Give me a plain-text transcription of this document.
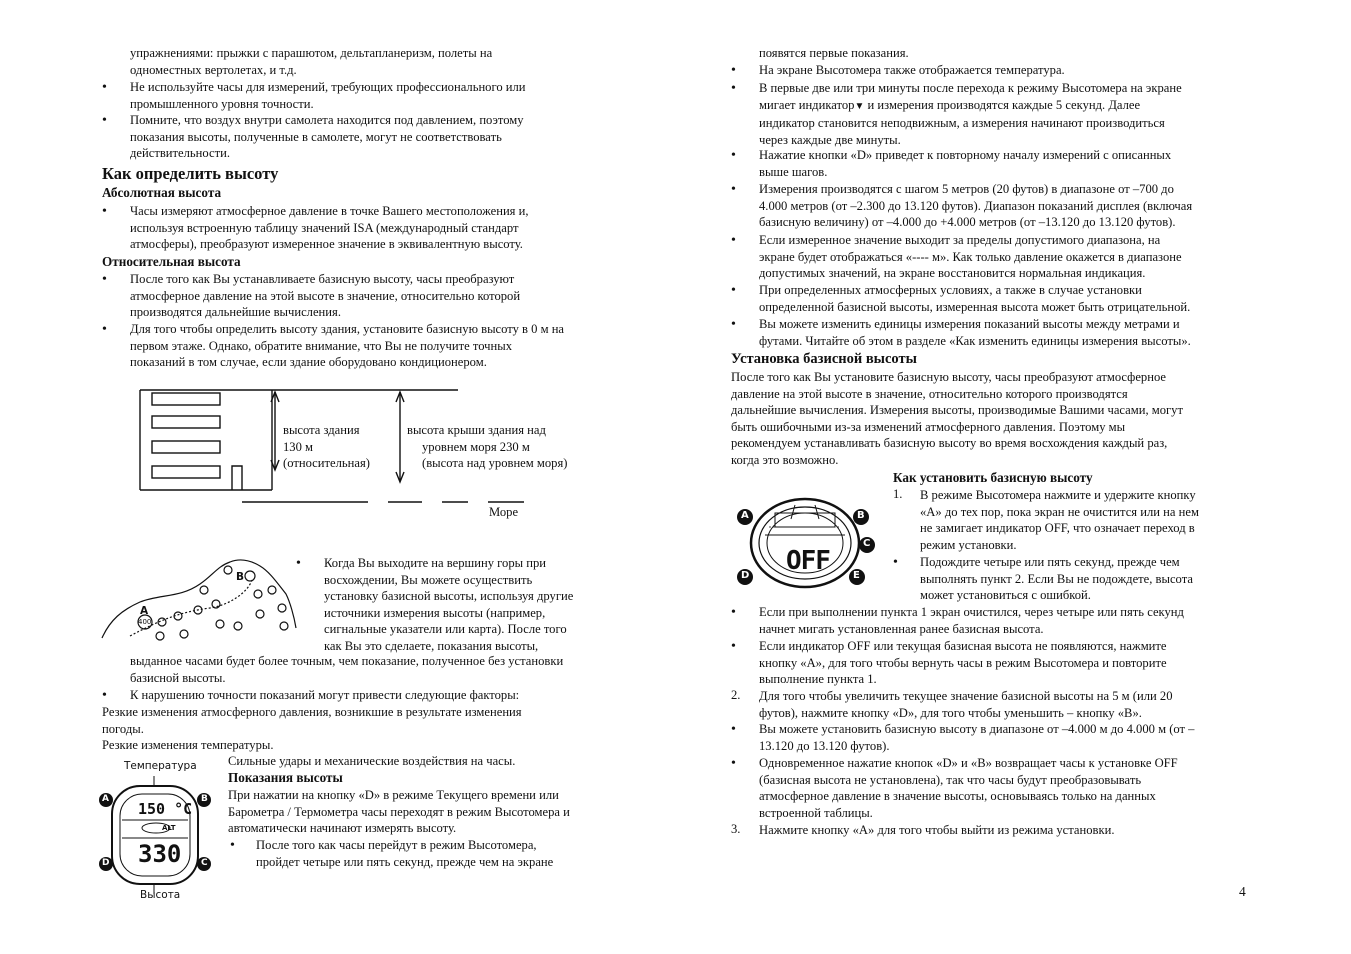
упражнениями: прыжки с парашютом, дельтапланеризм, полеты на
одноместных вертолетах, и т.д.
• Не используйте часы для измерений, требующих профессионального или
промышленного уровня точности.
• Помните, что воздух внутри самолета находится под давлением, поэтому
показания высоты, полученные в самолете, могут не соответствовать
действительности.
Как определить высоту
Абсолютная высота
• Часы измеряют атмосферное давление в точке Вашего местоположения и,
используя встроенную таблицу значений ISA (международный стандарт
атмосферы), преобразуют измеренное значение в эквивалентную высоту.
Относительная высота
• После того как Вы устанавливаете базисную высоту, часы преобразуют
атмосферное давление на этой высоте в значение, относительно которой
производятся дальнейшие вычисления.
• Для того чтобы определить высоту здания, установите базисную высоту в 0 м на
первом этаже. Однако, обратите внимание, что Вы не получите точных
показаний в том случае, если здание оборудовано кондиционером.
высота здания
130 м
(относительная)
высота крыши здания над
уровнем моря 230 м
(высота над уровнем моря)
Море
A
B
400
• Когда Вы выходите на вершину горы при
восхождении, Вы можете осуществить
установку базисной высоты, используя другие
источники измерения высоты (например,
сигнальные указатели или карта). После того
как Вы это сделаете, показания высоты,
выданное часами будет более точным, чем показание, полученное без установки
базисной высоты.
• К нарушению точности показаний могут привести следующие факторы:
Резкие изменения атмосферного давления, возникшие в результате изменения
погоды.
Резкие изменения температуры.
Сильные удары и механические воздействия на часы.
Температура
A	B
D	C
150 °C
ALT
330
Высота
Показания высоты
При нажатии на кнопку «D» в режиме Текущего времени или
Барометра / Термометра часы переходят в режим Высотомера и
автоматически начинают измерять высоту.
• После того как часы перейдут в режим Высотомера,
пройдет четыре или пять секунд, прежде чем на экране
появятся первые показания.
• На экране Высотомера также отображается температура.
• В первые две или три минуты после перехода к режиму Высотомера на экране
мигает индикатор▼ и измерения производятся каждые 5 секунд. Далее
индикатор становится неподвижным, а измерения начинают производиться
через каждые две минуты.
• Нажатие кнопки «D» приведет к повторному началу измерений с описанных
выше шагов.
• Измерения производятся с шагом 5 метров (20 футов) в диапазоне от –700 до
4.000 метров (от –2.300 до 13.120 футов). Диапазон показаний дисплея (включая
базисную величину) от –4.000 до +4.000 метров (от –13.120 до 13.120 футов).
• Если измеренное значение выходит за пределы допустимого диапазона, на
экране будет отображаться «---- м». Как только давление окажется в диапазоне
допустимых значений, на экране восстановится нормальная индикация.
• При определенных атмосферных условиях, а также в случае установки
определенной базисной высоты, измеренная высота может быть отрицательной.
• Вы можете изменить единицы измерения показаний высоты между метрами и
футами. Читайте об этом в разделе «Как изменить единицы измерения высоты».
Установка базисной высоты
После того как Вы установите базисную высоту, часы преобразуют атмосферное
давление на этой высоте в значение, относительно которого производятся
дальнейшие вычисления. Измерения высоты, производимые Вашими часами, могут
быть ошибочными из-за изменений атмосферного давления. Поэтому мы
рекомендуем устанавливать базисную высоту во время восхождения каждый раз,
когда это возможно.
Как установить базисную высоту
A	B
C
D	E
OFF
1. В режиме Высотомера нажмите и удержите кнопку
«A» до тех пор, пока экран не очистится или на нем
не замигает индикатор OFF, что означает переход в
режим установки.
• Подождите четыре или пять секунд, прежде чем
выполнять пункт 2. Если Вы не подождете, высота
может установиться с ошибкой.
• Если при выполнении пункта 1 экран очистился, через четыре или пять секунд
начнет мигать установленная ранее базисная высота.
• Если индикатор OFF или текущая базисная высота не появляются, нажмите
кнопку «A», для того чтобы вернуть часы в режим Высотомера и повторите
выполнение пункта 1.
2. Для того чтобы увеличить текущее значение базисной высоты на 5 м (или 20
футов), нажмите кнопку «D», для того чтобы уменьшить – кнопку «B».
• Вы можете установить базисную высоту в диапазоне от –4.000 м до 4.000 м (от –
13.120 до 13.120 футов).
• Одновременное нажатие кнопок «D» и «B» возвращает часы к установке OFF
(базисная высота не установлена), так что часы будут преобразовывать
атмосферное давление в значение высоты, основываясь только на данных
встроенной таблицы.
3. Нажмите кнопку «A» для того чтобы выйти из режима установки.
4
